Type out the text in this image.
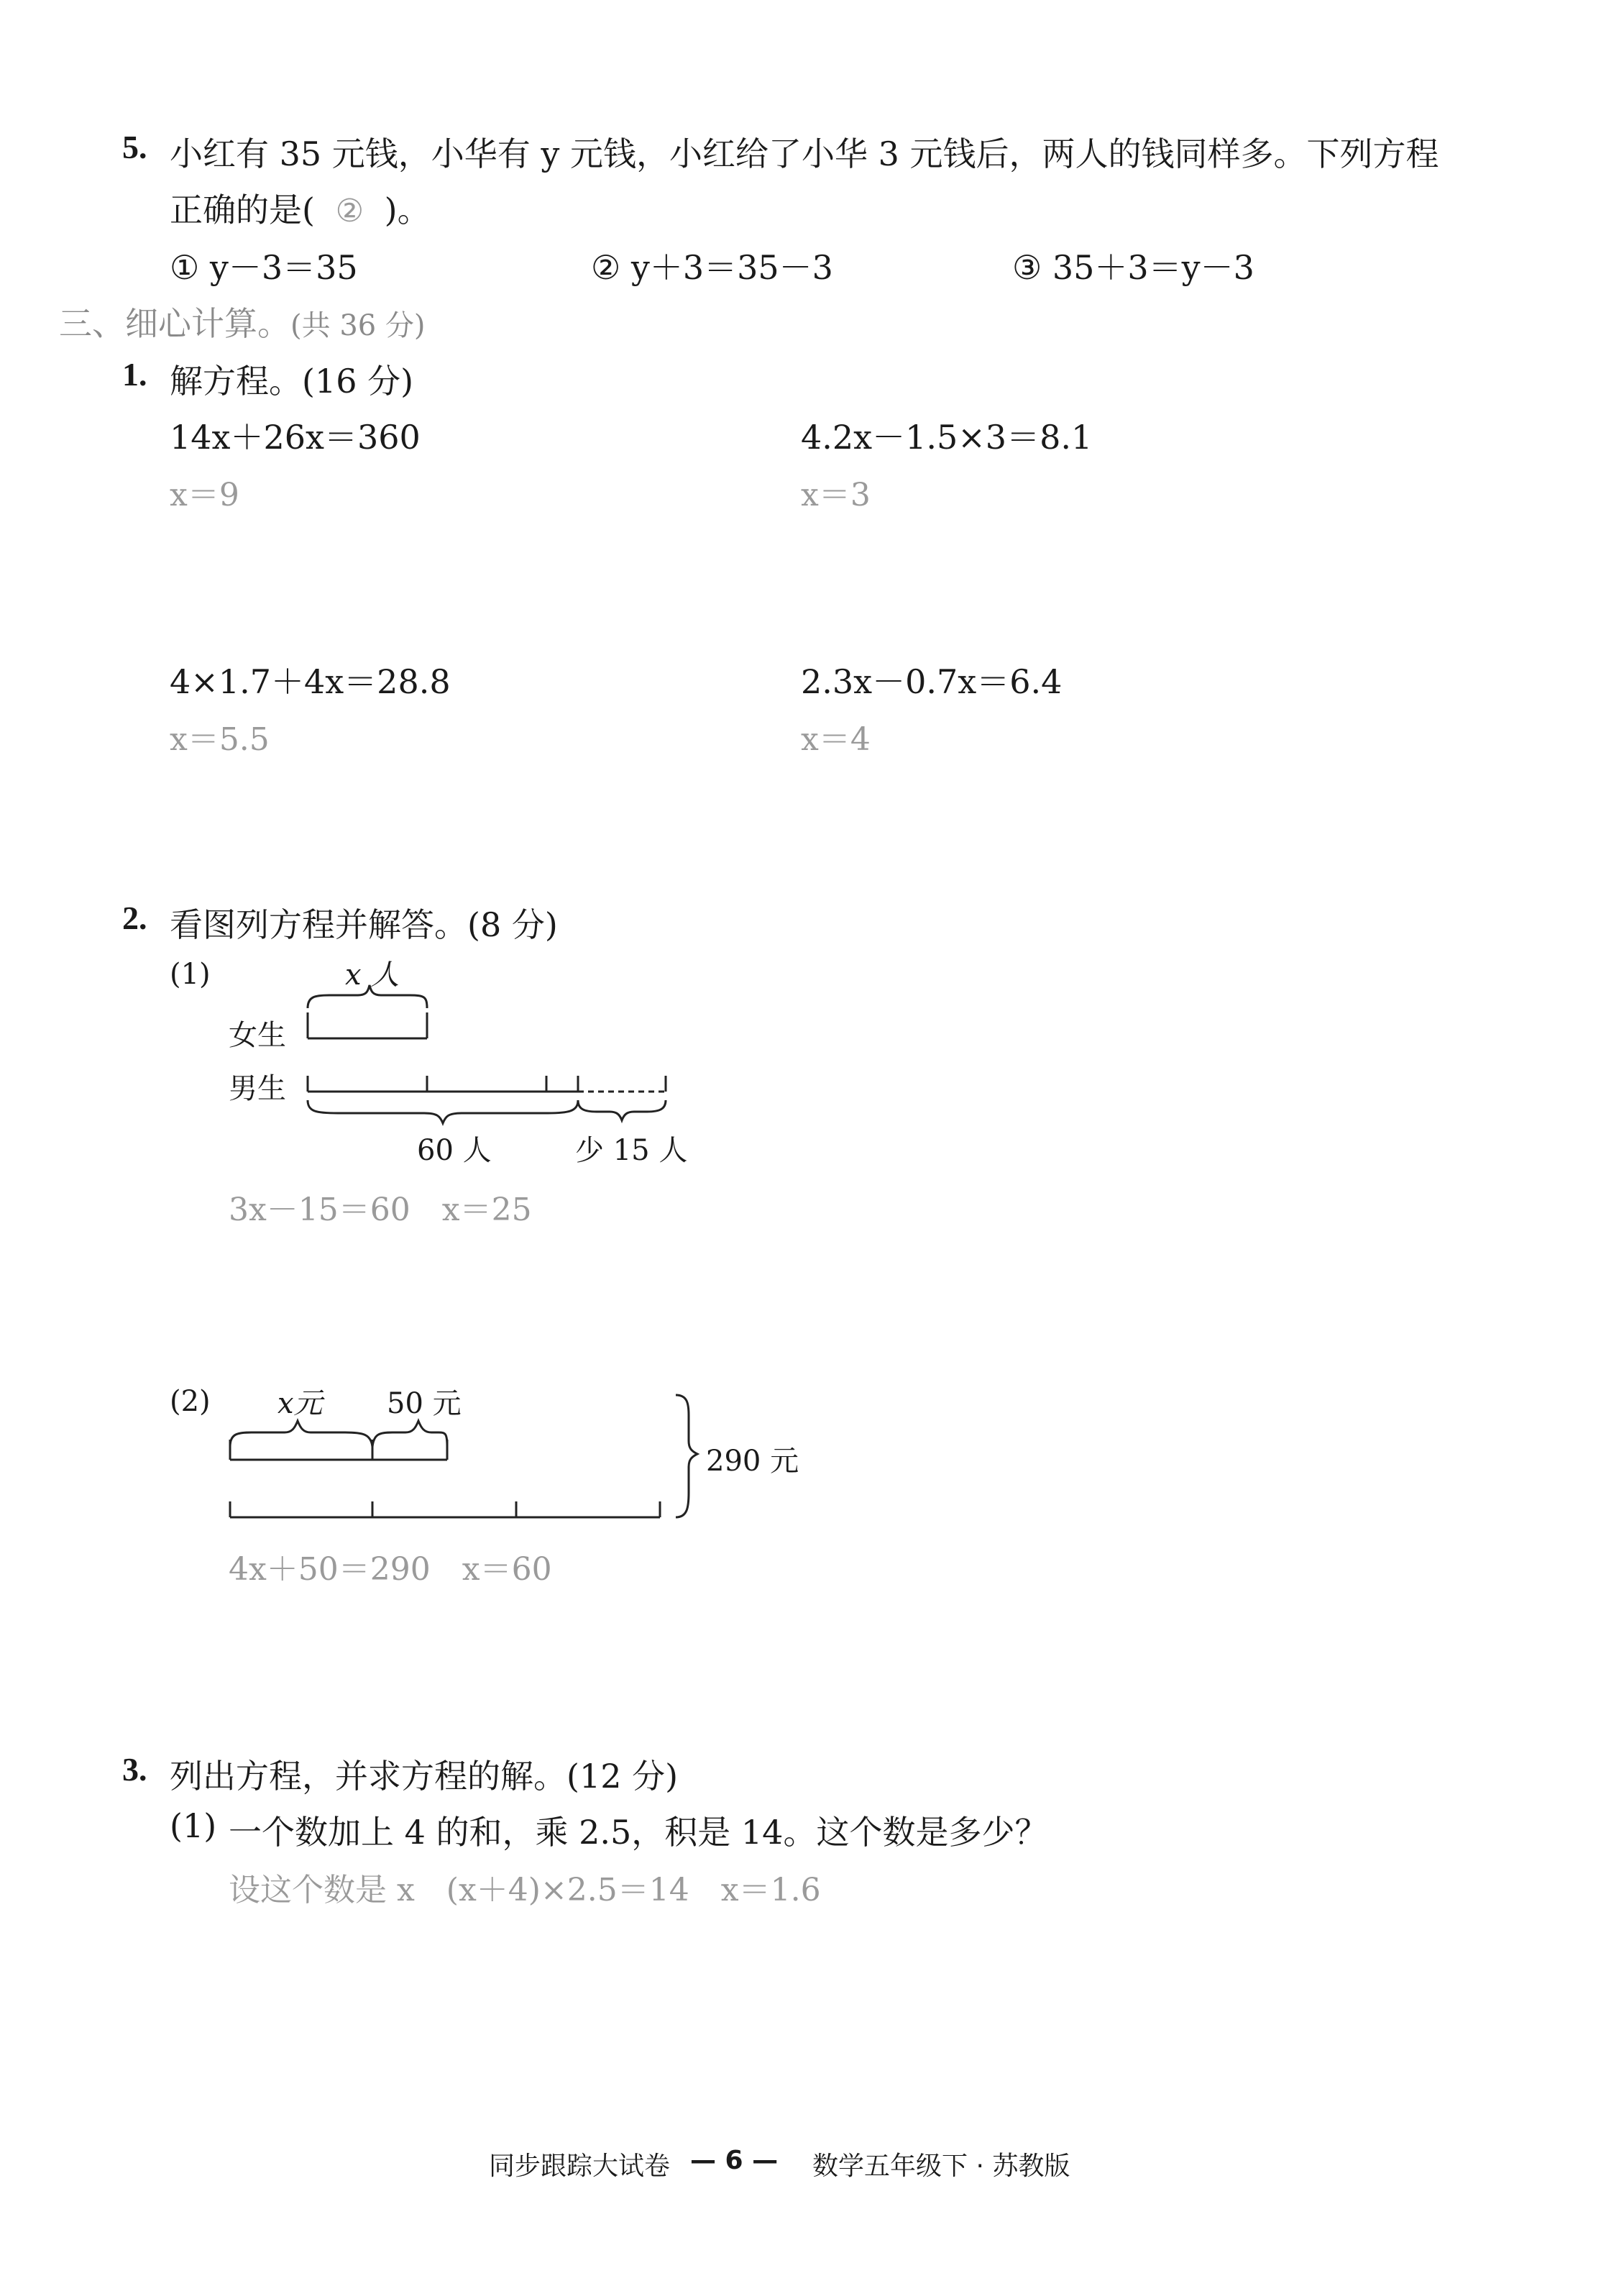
5. 小红有 35 元钱，小华有 y 元钱，小红给了小华 3 元钱后，两人的钱同样多。下列方程
正确的是( ② )。
① y－3＝35	② y＋3＝35－3	③ 35＋3＝y－3
三、细心计算。(共 36 分)
1. 解方程。(16 分)
14x＋26x＝360
x＝9
4.2x－1.5×3＝8.1
x＝3
4×1.7＋4x＝28.8
x＝5.5
2.3x－0.7x＝6.4
x＝4
2. 看图列方程并解答。(8 分)
(1)	x 人
女生
男生
60 人	少 15 人
3x－15＝60　x＝25
(2) x元 50 元
290 元
4x＋50＝290　x＝60
3. 列出方程，并求方程的解。(12 分)
(1) 一个数加上 4 的和，乘 2.5，积是 14。这个数是多少？
设这个数是 x　(x＋4)×2.5＝14　x＝1.6
同步跟踪大试卷 — 6 — 数学五年级下 · 苏教版
